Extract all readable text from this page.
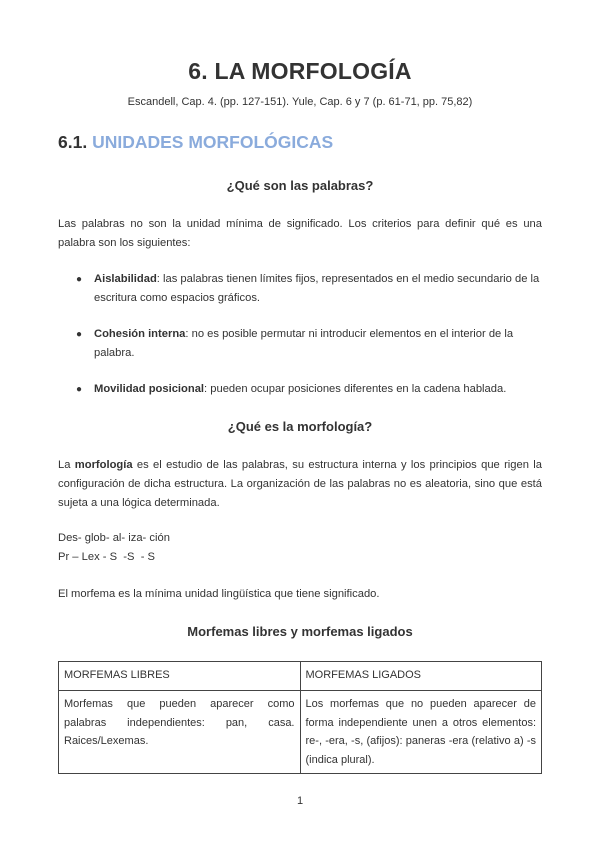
6. LA MORFOLOGÍA
Escandell, Cap. 4. (pp. 127-151). Yule, Cap. 6 y 7 (p. 61-71, pp. 75,82)
6.1. UNIDADES MORFOLÓGICAS
¿Qué son las palabras?
Las palabras no son la unidad mínima de significado. Los criterios para definir qué es una palabra son los siguientes:
● Aislabilidad: las palabras tienen límites fijos, representados en el medio secundario de la escritura como espacios gráficos.
● Cohesión interna: no es posible permutar ni introducir elementos en el interior de la palabra.
● Movilidad posicional: pueden ocupar posiciones diferentes en la cadena hablada.
¿Qué es la morfología?
La morfología es el estudio de las palabras, su estructura interna y los principios que rigen la configuración de dicha estructura. La organización de las palabras no es aleatoria, sino que está sujeta a una lógica determinada.
Des- glob- al- iza- ción
Pr – Lex - S  -S  - S
El morfema es la mínima unidad lingüística que tiene significado.
Morfemas libres y morfemas ligados
MORFEMAS LIBRES	MORFEMAS LIGADOS
Morfemas que pueden aparecer como palabras independientes: pan, casa. Raices/Lexemas.	Los morfemas que no pueden aparecer de forma independiente unen a otros elementos: re-, -era, -s, (afijos): paneras -era (relativo a) -s (indica plural).
1
